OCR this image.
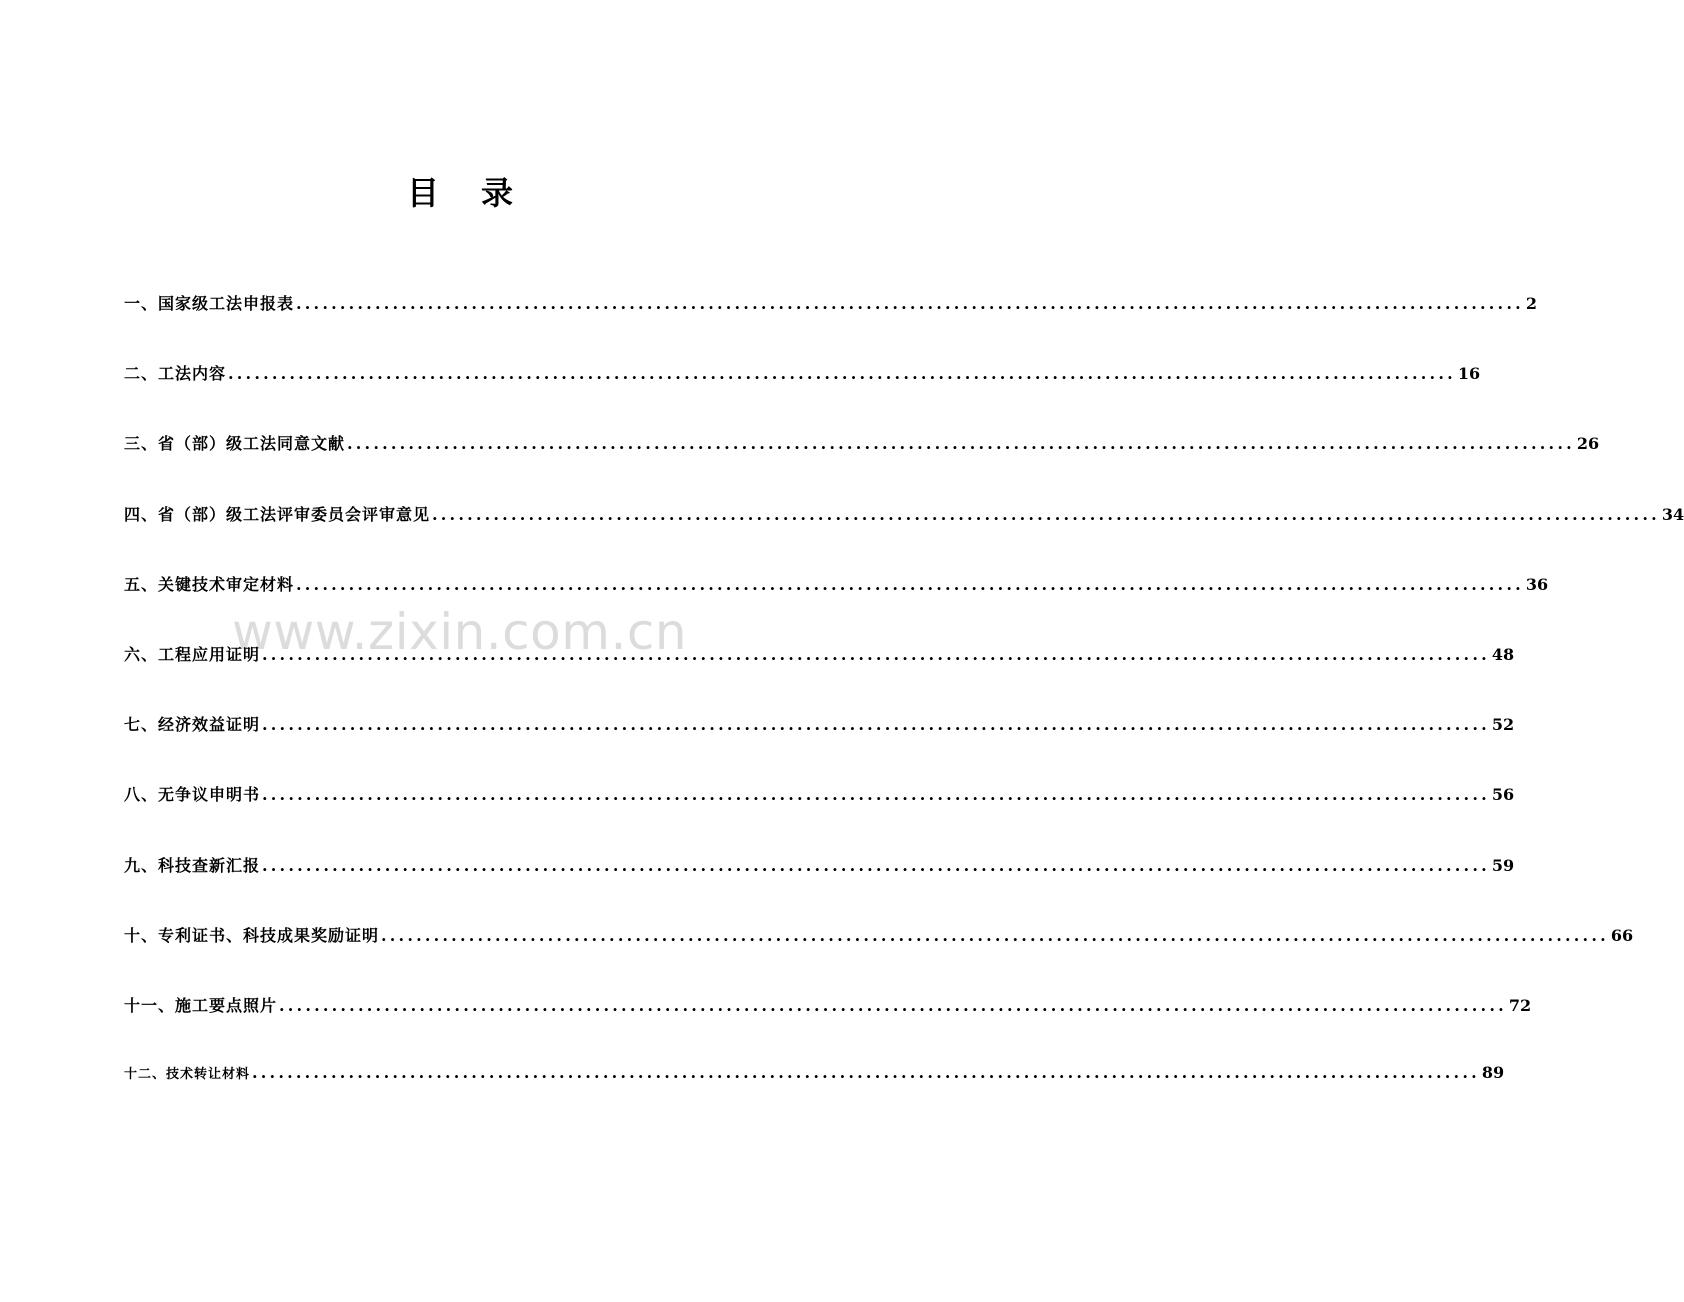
www.zixin.com.cn
目 录
一、国家级工法申报表 ............................................................................................................................................ 2
二、工法内容 ............................................................................................................................................ 16
三、省（部）级工法同意文献 ............................................................................................................................................ 26
四、省（部）级工法评审委员会评审意见 ............................................................................................................................................ 34
五、关键技术审定材料 ............................................................................................................................................ 36
六、工程应用证明 ............................................................................................................................................ 48
七、经济效益证明 ............................................................................................................................................ 52
八、无争议申明书 ............................................................................................................................................ 56
九、科技查新汇报 ............................................................................................................................................ 59
十、专利证书、科技成果奖励证明 ............................................................................................................................................ 66
十一、施工要点照片 ............................................................................................................................................ 72
十二、技术转让材料 ............................................................................................................................................ 89
